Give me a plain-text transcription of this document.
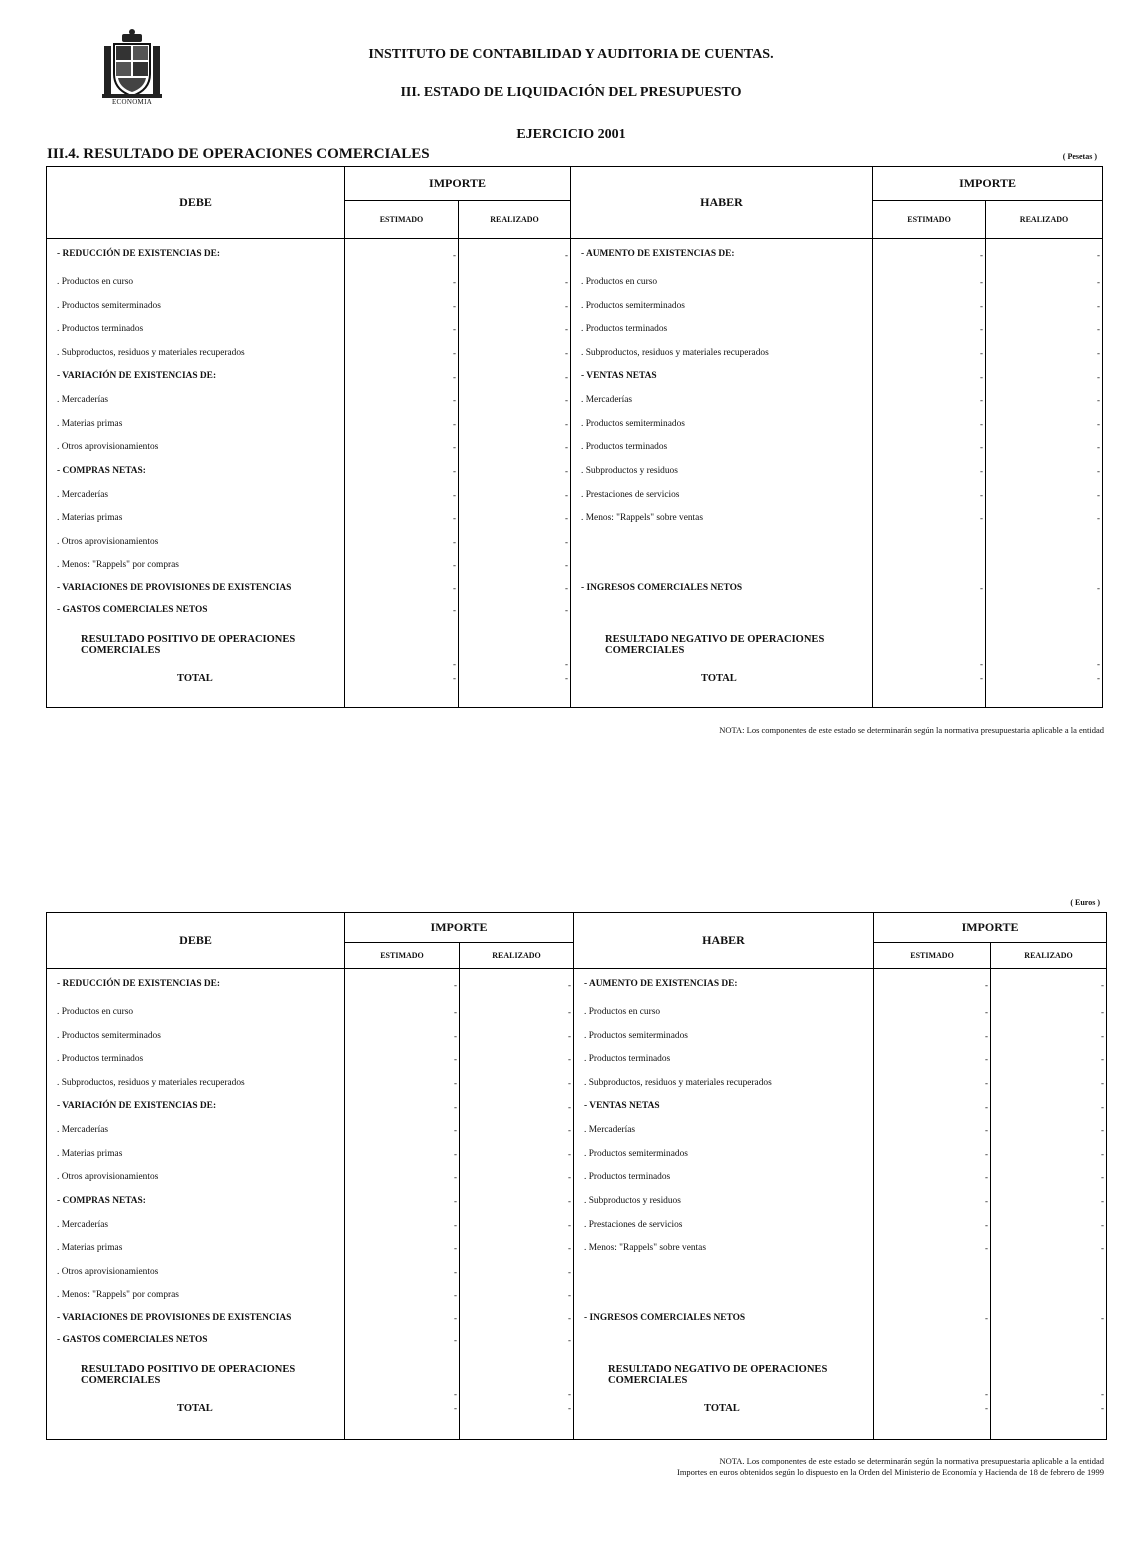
ECONOMIA
INSTITUTO DE CONTABILIDAD Y AUDITORIA DE CUENTAS.
III. ESTADO DE LIQUIDACIÓN DEL PRESUPUESTO
EJERCICIO 2001
III.4. RESULTADO DE OPERACIONES COMERCIALES	( Pesetas )
DEBE	IMPORTE		HABER	IMPORTE	
	ESTIMADO	REALIZADO		ESTIMADO	REALIZADO
- REDUCCIÓN DE EXISTENCIAS DE:	-	-	- AUMENTO DE EXISTENCIAS DE:	-	-
. Productos en curso	-	-	. Productos en curso	-	-
. Productos semiterminados	-	-	. Productos semiterminados	-	-
. Productos terminados	-	-	. Productos terminados	-	-
. Subproductos, residuos y materiales recuperados	-	-	. Subproductos, residuos y materiales recuperados	-	-
- VARIACIÓN DE EXISTENCIAS DE:	-	-	- VENTAS NETAS	-	-
. Mercaderías	-	-	. Mercaderías	-	-
. Materias primas	-	-	. Productos semiterminados	-	-
. Otros aprovisionamientos	-	-	. Productos terminados	-	-
- COMPRAS NETAS:	-	-	. Subproductos y residuos	-	-
. Mercaderías	-	-	. Prestaciones de servicios	-	-
. Materias primas	-	-	. Menos: "Rappels" sobre ventas	-	-
. Otros aprovisionamientos	-	-			
. Menos: "Rappels" por compras	-	-			
- VARIACIONES DE PROVISIONES DE EXISTENCIAS	-	-	- INGRESOS COMERCIALES NETOS	-	-
- GASTOS COMERCIALES NETOS	-	-			
RESULTADO POSITIVO DE OPERACIONES COMERCIALES	-	-	RESULTADO NEGATIVO DE OPERACIONES COMERCIALES	-	-
TOTAL	-	-	TOTAL	-	-

NOTA: Los componentes de este estado se determinarán según la normativa presupuestaria aplicable a la entidad
( Euros )
DEBE	IMPORTE		HABER	IMPORTE	
	ESTIMADO	REALIZADO		ESTIMADO	REALIZADO
- REDUCCIÓN DE EXISTENCIAS DE:	-	-	- AUMENTO DE EXISTENCIAS DE:	-	-
. Productos en curso	-	-	. Productos en curso	-	-
. Productos semiterminados	-	-	. Productos semiterminados	-	-
. Productos terminados	-	-	. Productos terminados	-	-
. Subproductos, residuos y materiales recuperados	-	-	. Subproductos, residuos y materiales recuperados	-	-
- VARIACIÓN DE EXISTENCIAS DE:	-	-	- VENTAS NETAS	-	-
. Mercaderías	-	-	. Mercaderías	-	-
. Materias primas	-	-	. Productos semiterminados	-	-
. Otros aprovisionamientos	-	-	. Productos terminados	-	-
- COMPRAS NETAS:	-	-	. Subproductos y residuos	-	-
. Mercaderías	-	-	. Prestaciones de servicios	-	-
. Materias primas	-	-	. Menos: "Rappels" sobre ventas	-	-
. Otros aprovisionamientos	-	-			
. Menos: "Rappels" por compras	-	-			
- VARIACIONES DE PROVISIONES DE EXISTENCIAS	-	-	- INGRESOS COMERCIALES NETOS	-	-
- GASTOS COMERCIALES NETOS	-	-			
RESULTADO POSITIVO DE OPERACIONES COMERCIALES	-	-	RESULTADO NEGATIVO DE OPERACIONES COMERCIALES	-	-
TOTAL	-	-	TOTAL	-	-

NOTA. Los componentes de este estado se determinarán según la normativa presupuestaria aplicable a la entidad
Importes en euros obtenidos según lo dispuesto en la Orden del Ministerio de Economía y Hacienda de 18 de febrero de 1999
